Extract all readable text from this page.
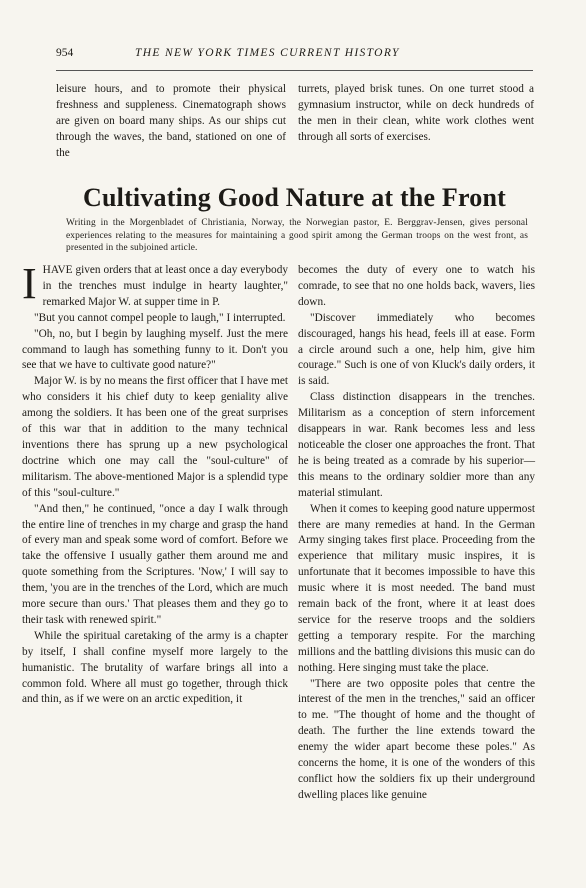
954	THE NEW YORK TIMES CURRENT HISTORY

leisure hours, and to promote their physical freshness and suppleness. Cinematograph shows are given on board many ships. As our ships cut through the waves, the band, stationed on one of the

turrets, played brisk tunes. On one turret stood a gymnasium instructor, while on deck hundreds of the men in their clean, white work clothes went through all sorts of exercises.

Cultivating Good Nature at the Front
Writing in the Morgenbladet of Christiania, Norway, the Norwegian pastor, E. Berggrav-Jensen, gives personal experiences relating to the measures for maintaining a good spirit among the German troops on the west front, as presented in the subjoined article.

IHAVE given orders that at least once a day everybody in the trenches must indulge in hearty laughter," remarked Major W. at supper time in P.

"But you cannot compel people to laugh," I interrupted.

"Oh, no, but I begin by laughing myself. Just the mere command to laugh has something funny to it. Don't you see that we have to cultivate good nature?"

Major W. is by no means the first officer that I have met who considers it his chief duty to keep geniality alive among the soldiers. It has been one of the great surprises of this war that in addition to the many technical inventions there has sprung up a new psychological doctrine which one may call the "soul-culture" of militarism. The above-mentioned Major is a splendid type of this "soul-culture."

"And then," he continued, "once a day I walk through the entire line of trenches in my charge and grasp the hand of every man and speak some word of comfort. Before we take the offensive I usually gather them around me and quote something from the Scriptures. 'Now,' I will say to them, 'you are in the trenches of the Lord, which are much more secure than ours.' That pleases them and they go to their task with renewed spirit."

While the spiritual caretaking of the army is a chapter by itself, I shall confine myself more largely to the humanistic. The brutality of warfare brings all into a common fold. Where all must go together, through thick and thin, as if we were on an arctic expedition, it

becomes the duty of every one to watch his comrade, to see that no one holds back, wavers, lies down.

"Discover immediately who becomes discouraged, hangs his head, feels ill at ease. Form a circle around such a one, help him, give him courage." Such is one of von Kluck's daily orders, it is said.

Class distinction disappears in the trenches. Militarism as a conception of stern inforcement disappears in war. Rank becomes less and less noticeable the closer one approaches the front. That he is being treated as a comrade by his superior—this means to the ordinary soldier more than any material stimulant.

When it comes to keeping good nature uppermost there are many remedies at hand. In the German Army singing takes first place. Proceeding from the experience that military music inspires, it is unfortunate that it becomes impossible to have this music where it is most needed. The band must remain back of the front, where it at least does service for the reserve troops and the soldiers getting a temporary respite. For the marching millions and the battling divisions this music can do nothing. Here singing must take the place.

"There are two opposite poles that centre the interest of the men in the trenches," said an officer to me. "The thought of home and the thought of death. The further the line extends toward the enemy the wider apart become these poles." As concerns the home, it is one of the wonders of this conflict how the soldiers fix up their underground dwelling places like genuine
